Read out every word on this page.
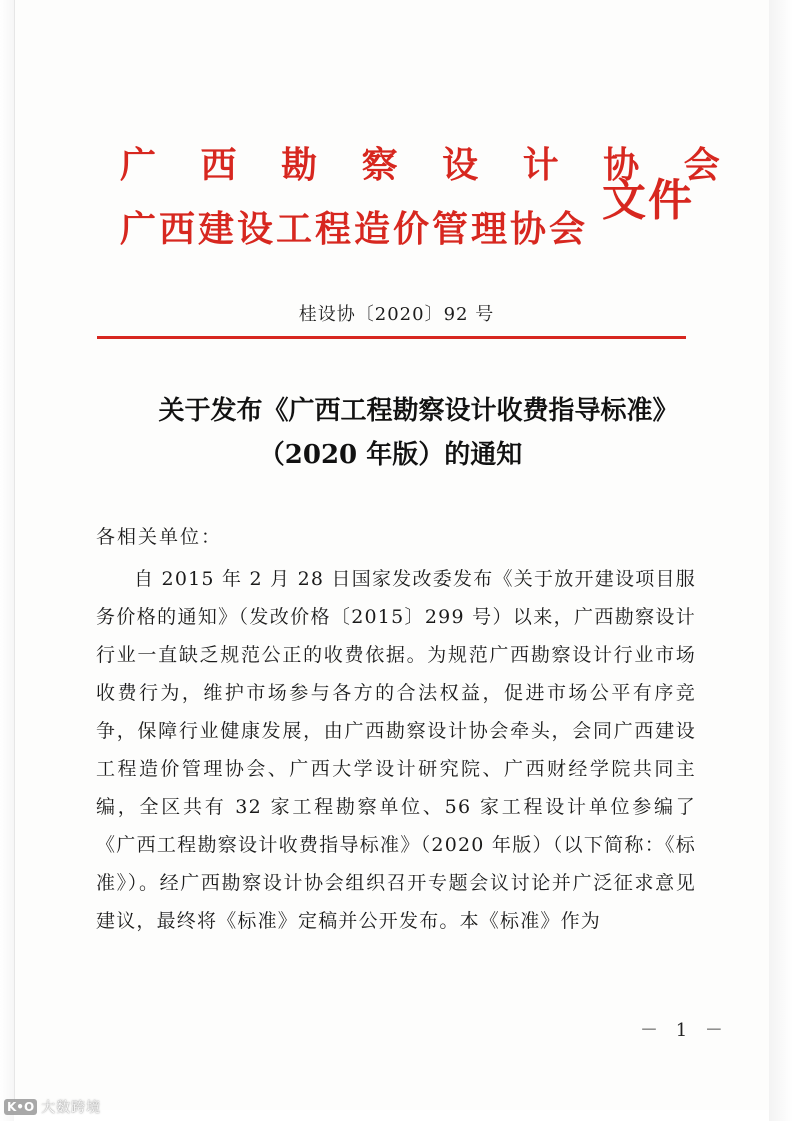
广 西 勘 察 设 计 协 会
广西建设工程造价管理协会
文件
桂设协〔2020〕92 号
关于发布《广西工程勘察设计收费指导标准》
（2020 年版）的通知
各相关单位：
自 2015 年 2 月 28 日国家发改委发布《关于放开建设项目服务价格的通知》（发改价格〔2015〕299 号）以来，广西勘察设计行业一直缺乏规范公正的收费依据。为规范广西勘察设计行业市场收费行为，维护市场参与各方的合法权益，促进市场公平有序竞争，保障行业健康发展，由广西勘察设计协会牵头，会同广西建设工程造价管理协会、广西大学设计研究院、广西财经学院共同主编，全区共有 32 家工程勘察单位、56 家工程设计单位参编了《广西工程勘察设计收费指导标准》（2020 年版）（以下简称：《标准》）。经广西勘察设计协会组织召开专题会议讨论并广泛征求意见建议，最终将《标准》定稿并公开发布。本《标准》作为
－ 1 －
K•O 大数跨境
